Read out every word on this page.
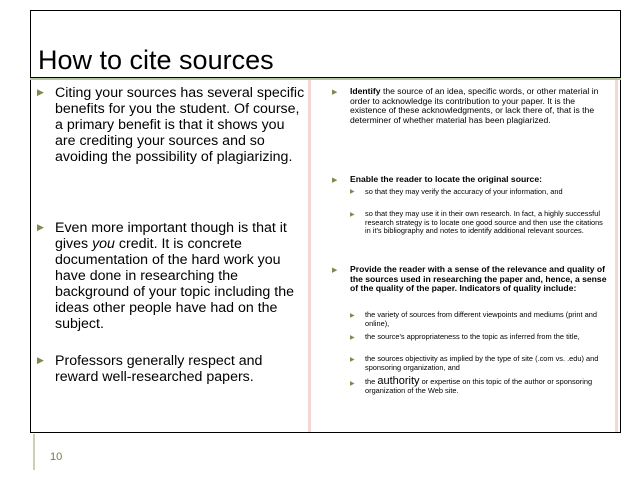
How to cite sources
▶ Citing your sources has several specific benefits for you the student. Of course, a primary benefit is that it shows you are crediting your sources and so avoiding the possibility of plagiarizing.
▶ Even more important though is that it gives you credit. It is concrete documentation of the hard work you have done in researching the background of your topic including the ideas other people have had on the subject.
▶ Professors generally respect and reward well-researched papers.
▶ Identify the source of an idea, specific words, or other material in order to acknowledge its contribution to your paper. It is the existence of these acknowledgments, or lack there of, that is the determiner of whether material has been plagiarized.
▶ Enable the reader to locate the original source:
▶ so that they may verify the accuracy of your information, and
▶ so that they may use it in their own research. In fact, a highly successful research strategy is to locate one good source and then use the citations in it's bibliography and notes to identify additional relevant sources.
▶ Provide the reader with a sense of the relevance and quality of the sources used in researching the paper and, hence, a sense of the quality of the paper. Indicators of quality include:
▶ the variety of sources from different viewpoints and mediums (print and online),
▶ the source's appropriateness to the topic as inferred from the title,
▶ the sources objectivity as implied by the type of site (.com vs. .edu) and sponsoring organization, and
▶ the authority or expertise on this topic of the author or sponsoring organization of the Web site.
10
